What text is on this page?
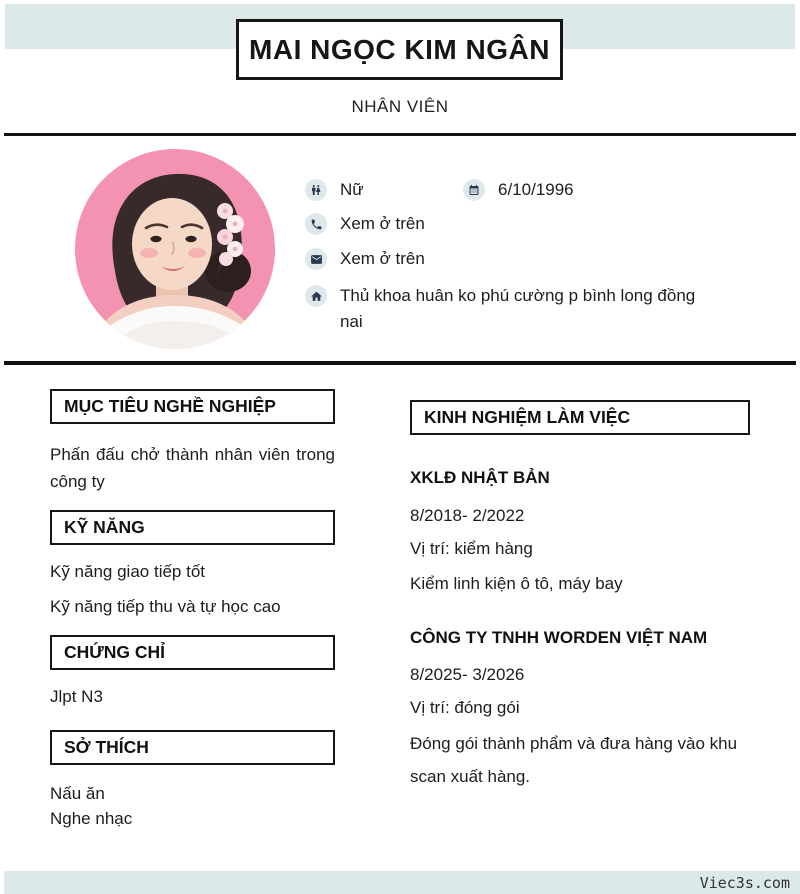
MAI NGỌC KIM NGÂN
NHÂN VIÊN
Nữ	6/10/1996
Xem ở trên
Xem ở trên
Thủ khoa huân ko phú cường p bình long đồng nai
MỤC TIÊU NGHỀ NGHIỆP
Phấn đấu chở thành nhân viên trong công ty
KỸ NĂNG
Kỹ năng giao tiếp tốt
Kỹ năng tiếp thu và tự học cao
CHỨNG CHỈ
Jlpt N3
SỞ THÍCH
Nấu ăn
Nghe nhạc
KINH NGHIỆM LÀM VIỆC
XKLĐ NHẬT BẢN
8/2018- 2/2022
Vị trí: kiểm hàng
Kiểm linh kiện ô tô, máy bay
CÔNG TY TNHH WORDEN VIỆT NAM
8/2025- 3/2026
Vị trí: đóng gói
Đóng gói thành phẩm và đưa hàng vào khu scan xuất hàng.
Viec3s.com
